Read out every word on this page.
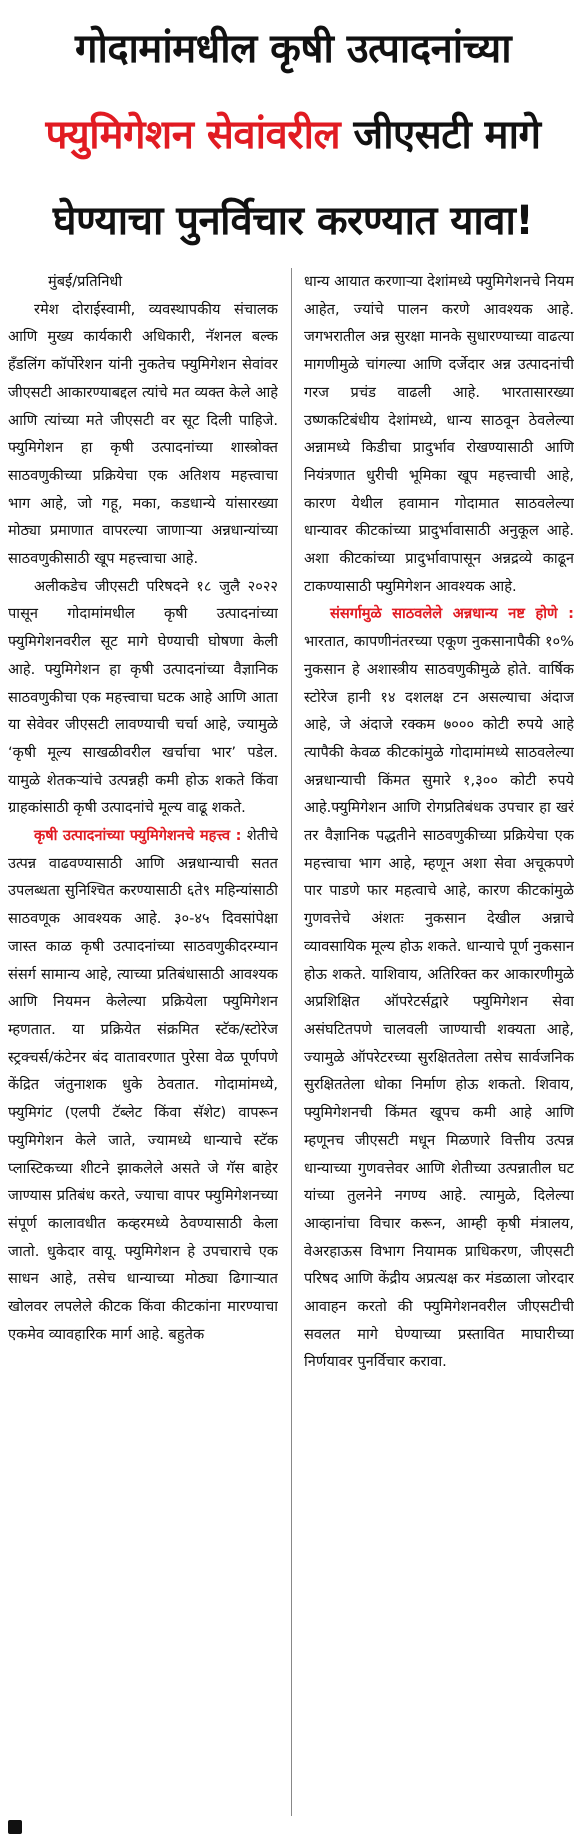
गोदामांमधील कृषी उत्पादनांच्या
फ्युमिगेशन सेवांवरील जीएसटी मागे
घेण्याचा पुनर्विचार करण्यात यावा!
मुंबई/प्रतिनिधी

रमेश दोराईस्वामी, व्यवस्थापकीय संचालक आणि मुख्य कार्यकारी अधिकारी, नॅशनल बल्क हँडलिंग कॉर्पोरेशन यांनी नुकतेच फ्युमिगेशन सेवांवर जीएसटी आकारण्याबद्दल त्यांचे मत व्यक्त केले आहे आणि त्यांच्या मते जीएसटी वर सूट दिली पाहिजे. फ्युमिगेशन हा कृषी उत्पादनांच्या शास्त्रोक्त साठवणुकीच्या प्रक्रियेचा एक अतिशय महत्त्वाचा भाग आहे, जो गहू, मका, कडधान्ये यांसारख्या मोठ्या प्रमाणात वापरल्या जाणाऱ्या अन्नधान्यांच्या साठवणुकीसाठी खूप महत्त्वाचा आहे.

अलीकडेच जीएसटी परिषदने १८ जुलै २०२२ पासून गोदामांमधील कृषी उत्पादनांच्या फ्युमिगेशनवरील सूट मागे घेण्याची घोषणा केली आहे. फ्युमिगेशन हा कृषी उत्पादनांच्या वैज्ञानिक साठवणुकीचा एक महत्त्वाचा घटक आहे आणि आता या सेवेवर जीएसटी लावण्याची चर्चा आहे, ज्यामुळे ‘कृषी मूल्य साखळीवरील खर्चाचा भार’ पडेल. यामुळे शेतकऱ्यांचे उत्पन्नही कमी होऊ शकते किंवा ग्राहकांसाठी कृषी उत्पादनांचे मूल्य वाढू शकते.

कृषी उत्पादनांच्या फ्युमिगेशनचे महत्त्व : शेतीचे उत्पन्न वाढवण्यासाठी आणि अन्नधान्याची सतत उपलब्धता सुनिश्चित करण्यासाठी ६ते९ महिन्यांसाठी साठवणूक आवश्यक आहे. ३०-४५ दिवसांपेक्षा जास्त काळ कृषी उत्पादनांच्या साठवणुकीदरम्यान संसर्ग सामान्य आहे, त्याच्या प्रतिबंधासाठी आवश्यक आणि नियमन केलेल्या प्रक्रियेला फ्युमिगेशन म्हणतात. या प्रक्रियेत संक्रमित स्टॅक/स्टोरेज स्ट्रक्चर्स/कंटेनर बंद वातावरणात पुरेसा वेळ पूर्णपणे केंद्रित जंतुनाशक धुके ठेवतात. गोदामांमध्ये, फ्युमिगंट (एलपी टॅब्लेट किंवा सॅशेट) वापरून फ्युमिगेशन केले जाते, ज्यामध्ये धान्याचे स्टॅक प्लास्टिकच्या शीटने झाकलेले असते जे गॅस बाहेर जाण्यास प्रतिबंध करते, ज्याचा वापर फ्युमिगेशनच्या संपूर्ण कालावधीत कव्हरमध्ये ठेवण्यासाठी केला जातो. धुकेदार वायू. फ्युमिगेशन हे उपचाराचे एक साधन आहे, तसेच धान्याच्या मोठ्या ढिगाऱ्यात खोलवर लपलेले कीटक किंवा कीटकांना मारण्याचा एकमेव व्यावहारिक मार्ग आहे. बहुतेक

धान्य आयात करणाऱ्या देशांमध्ये फ्युमिगेशनचे नियम आहेत, ज्यांचे पालन करणे आवश्यक आहे. जगभरातील अन्न सुरक्षा मानके सुधारण्याच्या वाढत्या मागणीमुळे चांगल्या आणि दर्जेदार अन्न उत्पादनांची गरज प्रचंड वाढली आहे. भारतासारख्या उष्णकटिबंधीय देशांमध्ये, धान्य साठवून ठेवलेल्या अन्नामध्ये किडीचा प्रादुर्भाव रोखण्यासाठी आणि नियंत्रणात धुरीची भूमिका खूप महत्त्वाची आहे, कारण येथील हवामान गोदामात साठवलेल्या धान्यावर कीटकांच्या प्रादुर्भावासाठी अनुकूल आहे. अशा कीटकांच्या प्रादुर्भावापासून अन्नद्रव्ये काढून टाकण्यासाठी फ्युमिगेशन आवश्यक आहे.

संसर्गामुळे साठवलेले अन्नधान्य नष्ट होणे : भारतात, कापणीनंतरच्या एकूण नुकसानापैकी १०% नुकसान हे अशास्त्रीय साठवणुकीमुळे होते. वार्षिक स्टोरेज हानी १४ दशलक्ष टन असल्याचा अंदाज आहे, जे अंदाजे रक्कम ७००० कोटी रुपये आहे त्यापैकी केवळ कीटकांमुळे गोदामांमध्ये साठवलेल्या अन्नधान्याची किंमत सुमारे १,३०० कोटी रुपये आहे.फ्युमिगेशन आणि रोगप्रतिबंधक उपचार हा खरं तर वैज्ञानिक पद्धतीने साठवणुकीच्या प्रक्रियेचा एक महत्त्वाचा भाग आहे, म्हणून अशा सेवा अचूकपणे पार पाडणे फार महत्वाचे आहे, कारण कीटकांमुळे गुणवत्तेचे अंशतः नुकसान देखील अन्नाचे व्यावसायिक मूल्य होऊ शकते. धान्याचे पूर्ण नुकसान होऊ शकते. याशिवाय, अतिरिक्त कर आकारणीमुळे अप्रशिक्षित ऑपरेटर्सद्वारे फ्युमिगेशन सेवा असंघटितपणे चालवली जाण्याची शक्यता आहे, ज्यामुळे ऑपरेटरच्या सुरक्षिततेला तसेच सार्वजनिक सुरक्षिततेला धोका निर्माण होऊ शकतो. शिवाय, फ्युमिगेशनची किंमत खूपच कमी आहे आणि म्हणूनच जीएसटी मधून मिळणारे वित्तीय उत्पन्न धान्याच्या गुणवत्तेवर आणि शेतीच्या उत्पन्नातील घट यांच्या तुलनेने नगण्य आहे. त्यामुळे, दिलेल्या आव्हानांचा विचार करून, आम्ही कृषी मंत्रालय, वेअरहाऊस विभाग नियामक प्राधिकरण, जीएसटी परिषद आणि केंद्रीय अप्रत्यक्ष कर मंडळाला जोरदार आवाहन करतो की फ्युमिगेशनवरील जीएसटीची सवलत मागे घेण्याच्या प्रस्तावित माघारीच्या निर्णयावर पुनर्विचार करावा.
